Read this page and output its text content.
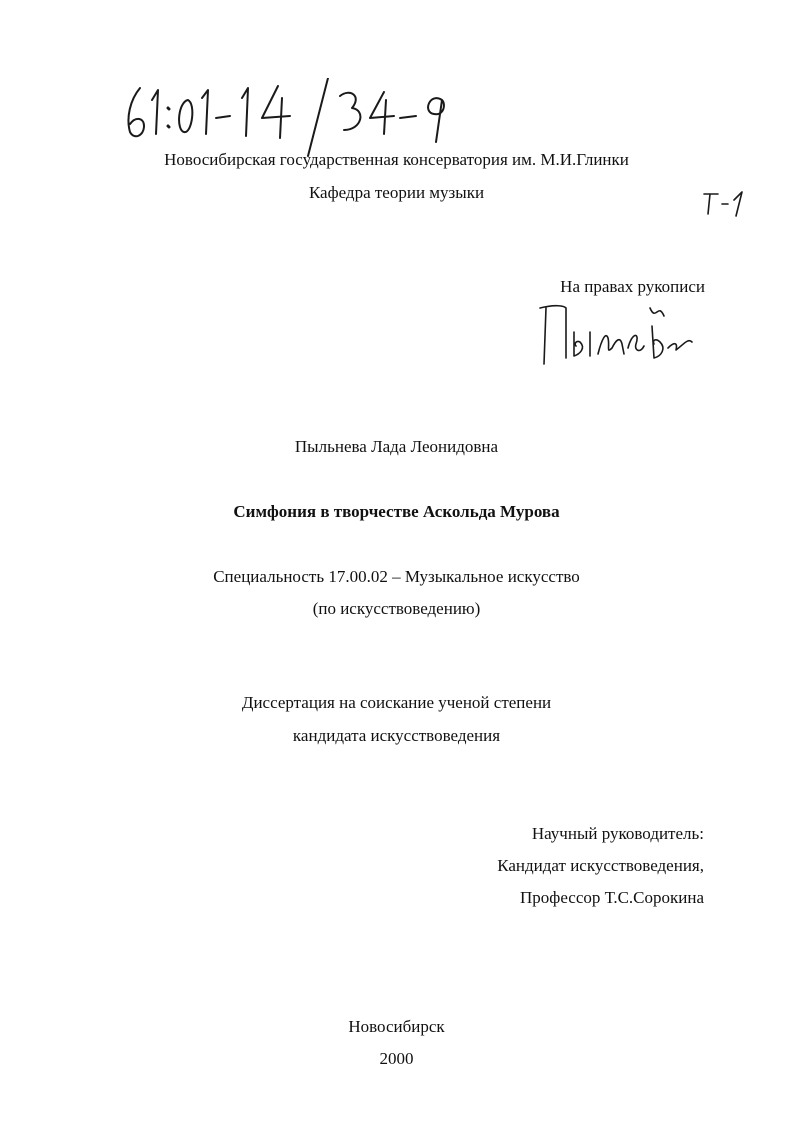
Новосибирская государственная консерватория им. М.И.Глинки
Кафедра теории музыки
На правах рукописи
Пыльнева Лада Леонидовна
Симфония в творчестве Аскольда Мурова
Специальность 17.00.02 – Музыкальное искусство
(по искусствоведению)
Диссертация на соискание ученой степени
кандидата искусствоведения
Научный руководитель:
Кандидат искусствоведения,
Профессор Т.С.Сорокина
Новосибирск
2000
